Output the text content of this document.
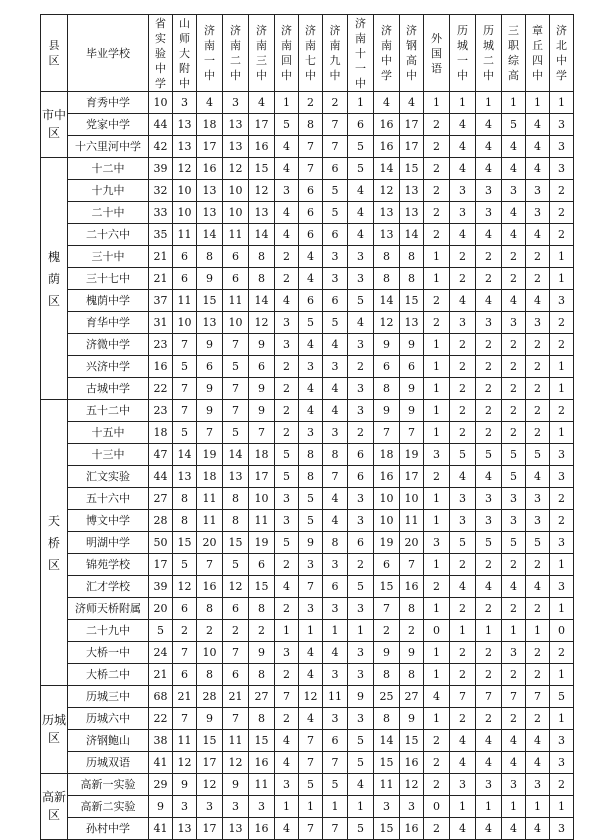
县区	毕业学校	省实验中学	山师大附中	济南一中	济南二中	济南三中	济南回中	济南七中	济南九中	济南十一中	济南中学	济钢高中	外国语	历城一中	历城二中	三职综高	章丘四中	济北中学
市中区	育秀中学	10	3	4	3	4	1	2	2	1	4	4	1	1	1	1	1	1
	党家中学	44	13	18	13	17	5	8	7	6	16	17	2	4	4	5	4	3
	十六里河中学	42	13	17	13	16	4	7	7	5	16	17	2	4	4	4	4	3
槐荫区	十二中	39	12	16	12	15	4	7	6	5	14	15	2	4	4	4	4	3
	十九中	32	10	13	10	12	3	6	5	4	12	13	2	3	3	3	3	2
	二十中	33	10	13	10	13	4	6	5	4	13	13	2	3	3	4	3	2
	二十六中	35	11	14	11	14	4	6	6	4	13	14	2	4	4	4	4	2
	三十中	21	6	8	6	8	2	4	3	3	8	8	1	2	2	2	2	1
	三十七中	21	6	9	6	8	2	4	3	3	8	8	1	2	2	2	2	1
	槐荫中学	37	11	15	11	14	4	6	6	5	14	15	2	4	4	4	4	3
	育华中学	31	10	13	10	12	3	5	5	4	12	13	2	3	3	3	3	2
	济微中学	23	7	9	7	9	3	4	4	3	9	9	1	2	2	2	2	2
	兴济中学	16	5	6	5	6	2	3	3	2	6	6	1	2	2	2	2	1
	古城中学	22	7	9	7	9	2	4	4	3	8	9	1	2	2	2	2	1
天桥区	五十二中	23	7	9	7	9	2	4	4	3	9	9	1	2	2	2	2	2
	十五中	18	5	7	5	7	2	3	3	2	7	7	1	2	2	2	2	1
	十三中	47	14	19	14	18	5	8	8	6	18	19	3	5	5	5	5	3
	汇文实验	44	13	18	13	17	5	8	7	6	16	17	2	4	4	5	4	3
	五十六中	27	8	11	8	10	3	5	4	3	10	10	1	3	3	3	3	2
	博文中学	28	8	11	8	11	3	5	4	3	10	11	1	3	3	3	3	2
	明湖中学	50	15	20	15	19	5	9	8	6	19	20	3	5	5	5	5	3
	锦苑学校	17	5	7	5	6	2	3	3	2	6	7	1	2	2	2	2	1
	汇才学校	39	12	16	12	15	4	7	6	5	15	16	2	4	4	4	4	3
	济师天桥附属	20	6	8	6	8	2	3	3	3	7	8	1	2	2	2	2	1
	二十九中	5	2	2	2	2	1	1	1	1	2	2	0	1	1	1	1	0
	大桥一中	24	7	10	7	9	3	4	4	3	9	9	1	2	2	3	2	2
	大桥二中	21	6	8	6	8	2	4	3	3	8	8	1	2	2	2	2	1
历城区	历城三中	68	21	28	21	27	7	12	11	9	25	27	4	7	7	7	7	5
	历城六中	22	7	9	7	8	2	4	3	3	8	9	1	2	2	2	2	1
	济钢鲍山	38	11	15	11	15	4	7	6	5	14	15	2	4	4	4	4	3
	历城双语	41	12	17	12	16	4	7	7	5	15	16	2	4	4	4	4	3
高新区	高新一实验	29	9	12	9	11	3	5	5	4	11	12	2	3	3	3	3	2
	高新二实验	9	3	3	3	3	1	1	1	1	3	3	0	1	1	1	1	1
	孙村中学	41	13	17	13	16	4	7	7	5	15	16	2	4	4	4	4	3
